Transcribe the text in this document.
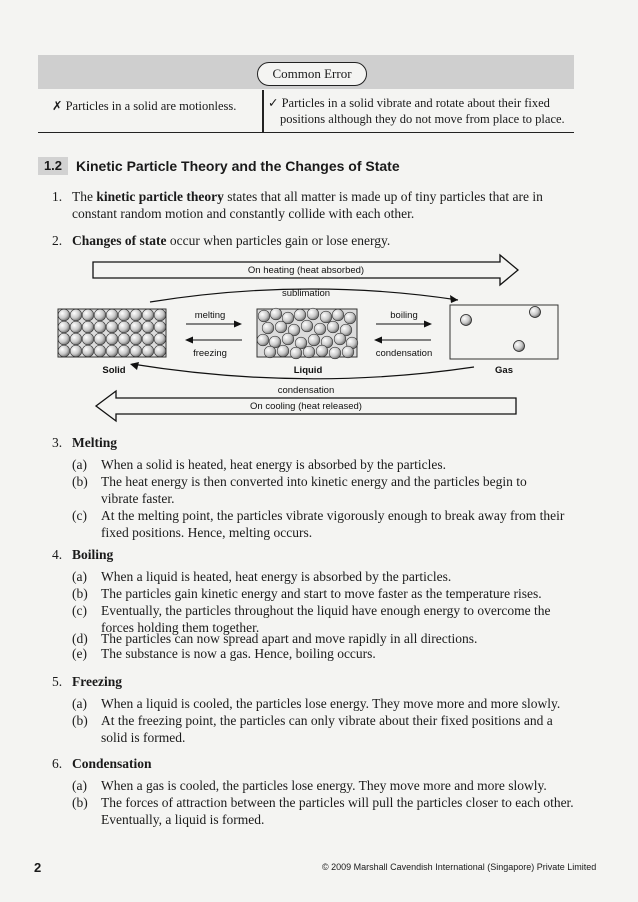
Common Error
✗ Particles in a solid are motionless.	✓ Particles in a solid vibrate and rotate about their fixed
positions although they do not move from place to place.
1.2 Kinetic Particle Theory and the Changes of State
1. The kinetic particle theory states that all matter is made up of tiny particles that are in
constant random motion and constantly collide with each other.
2. Changes of state occur when particles gain or lose energy.
On heating (heat absorbed)
sublimation
Solid
melting
freezing
Liquid
boiling
condensation
Gas
condensation
On cooling (heat released)
3. Melting
(a) When a solid is heated, heat energy is absorbed by the particles.
(b) The heat energy is then converted into kinetic energy and the particles begin to
vibrate faster.
(c) At the melting point, the particles vibrate vigorously enough to break away from their
fixed positions. Hence, melting occurs.
4. Boiling
(a) When a liquid is heated, heat energy is absorbed by the particles.
(b) The particles gain kinetic energy and start to move faster as the temperature rises.
(c) Eventually, the particles throughout the liquid have enough energy to overcome the
forces holding them together.
(d) The particles can now spread apart and move rapidly in all directions.
(e) The substance is now a gas. Hence, boiling occurs.
5. Freezing
(a) When a liquid is cooled, the particles lose energy. They move more and more slowly.
(b) At the freezing point, the particles can only vibrate about their fixed positions and a
solid is formed.
6. Condensation
(a) When a gas is cooled, the particles lose energy. They move more and more slowly.
(b) The forces of attraction between the particles will pull the particles closer to each other.
Eventually, a liquid is formed.
2	© 2009 Marshall Cavendish International (Singapore) Private Limited
